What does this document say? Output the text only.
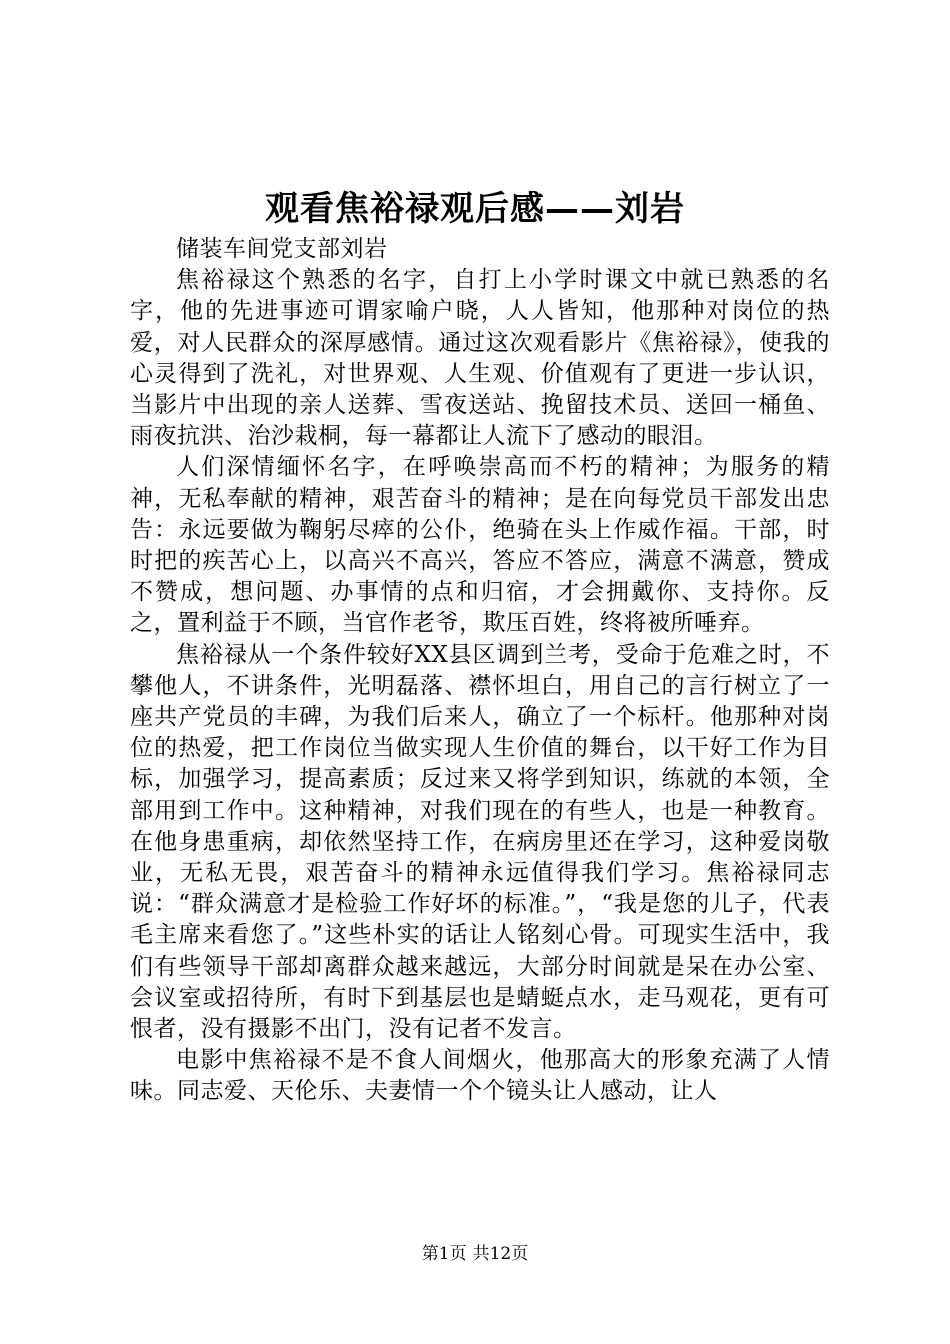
观看焦裕禄观后感——刘岩

储装车间党支部刘岩

焦裕禄这个熟悉的名字，自打上小学时课文中就已熟悉的名字，他的先进事迹可谓家喻户晓，人人皆知，他那种对岗位的热爱，对人民群众的深厚感情。通过这次观看影片《焦裕禄》，使我的心灵得到了洗礼，对世界观、人生观、价值观有了更进一步认识，当影片中出现的亲人送葬、雪夜送站、挽留技术员、送回一桶鱼、雨夜抗洪、治沙栽桐，每一幕都让人流下了感动的眼泪。

人们深情缅怀名字，在呼唤崇高而不朽的精神；为服务的精神，无私奉献的精神，艰苦奋斗的精神；是在向每党员干部发出忠告：永远要做为鞠躬尽瘁的公仆，绝骑在头上作威作福。干部，时时把的疾苦心上，以高兴不高兴，答应不答应，满意不满意，赞成不赞成，想问题、办事情的点和归宿，才会拥戴你、支持你。反之，置利益于不顾，当官作老爷，欺压百姓，终将被所唾弃。

焦裕禄从一个条件较好XX县区调到兰考，受命于危难之时，不攀他人，不讲条件，光明磊落、襟怀坦白，用自己的言行树立了一座共产党员的丰碑，为我们后来人，确立了一个标杆。他那种对岗位的热爱，把工作岗位当做实现人生价值的舞台，以干好工作为目标，加强学习，提高素质；反过来又将学到知识，练就的本领，全部用到工作中。这种精神，对我们现在的有些人，也是一种教育。在他身患重病，却依然坚持工作，在病房里还在学习，这种爱岗敬业，无私无畏，艰苦奋斗的精神永远值得我们学习。焦裕禄同志说：“群众满意才是检验工作好坏的标准。”，“我是您的儿子，代表毛主席来看您了。”这些朴实的话让人铭刻心骨。可现实生活中，我们有些领导干部却离群众越来越远，大部分时间就是呆在办公室、会议室或招待所，有时下到基层也是蜻蜓点水，走马观花，更有可恨者，没有摄影不出门，没有记者不发言。

电影中焦裕禄不是不食人间烟火，他那高大的形象充满了人情味。同志爱、天伦乐、夫妻情一个个镜头让人感动，让人

第1页 共12页
